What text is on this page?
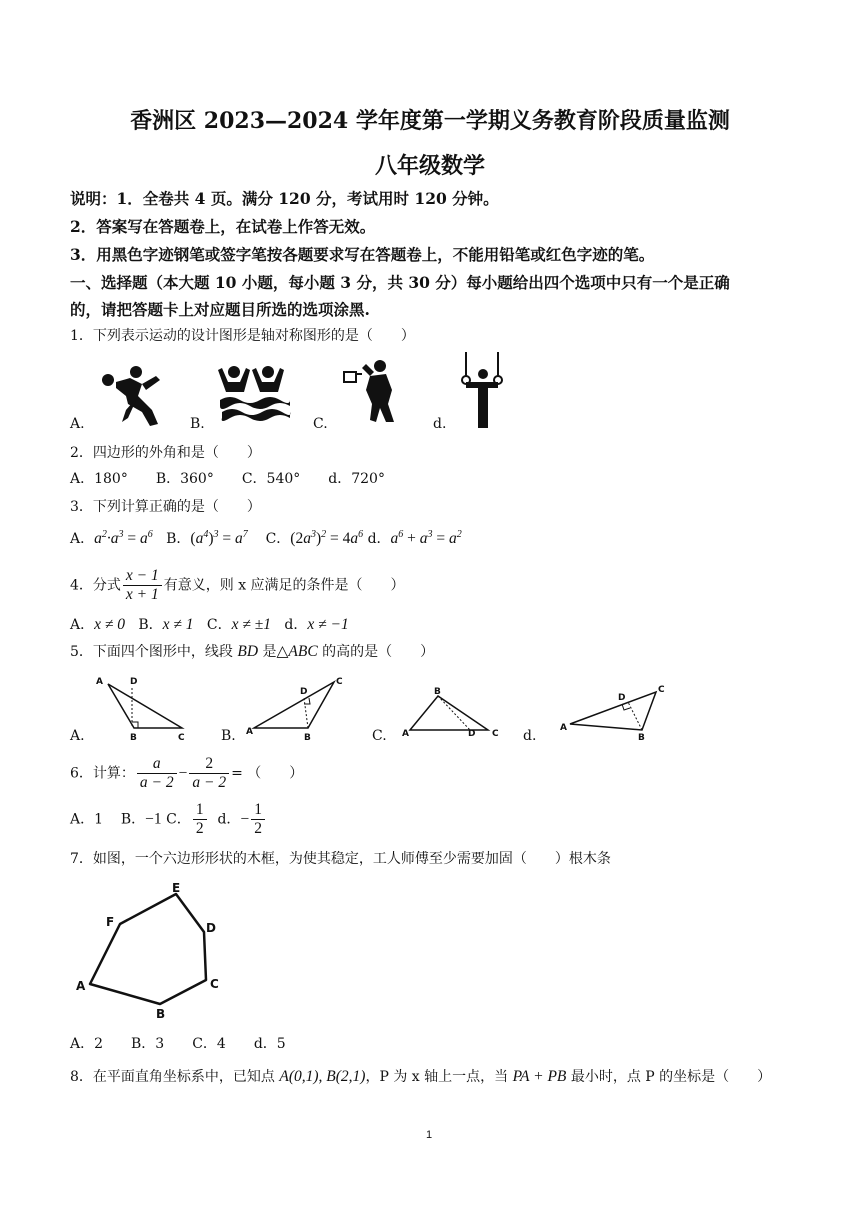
香洲区 2023—2024 学年度第一学期义务教育阶段质量监测
八年级数学
说明：1．全卷共 4 页。满分 120 分，考试用时 120 分钟。
2．答案写在答题卷上，在试卷上作答无效。
3．用黑色字迹钢笔或签字笔按各题要求写在答题卷上，不能用铅笔或红色字迹的笔。
一、选择题（本大题 10 小题，每小题 3 分，共 30 分）每小题给出四个选项中只有一个是正确
的，请把答题卡上对应题目所选的选项涂黑.
1．下列表示运动的设计图形是轴对称图形的是（　　）
A.	B.	C.	d.
2．四边形的外角和是（　　）
A．180°　　B．360°　　C．540°　　d．720°
3．下列计算正确的是（　　）
A．$a^2\cdot a^3 = a^6$ B．$(a^4)^3 = a^7$ C．$(2a^3)^2 = 4a^6$ d．$a^6 + a^3 = a^2$
4．分式 $\frac{x - 1}{x + 1}$ 有意义，则 x 应满足的条件是（　　）
A．x ≠ 0 B．x ≠ 1 C．x ≠ ±1 d．x ≠ −1
5．下面四个图形中，线段 BD 是△ABC 的高的是（　　）
A	D
B	C
A
D
B
C
A
B
D C
A
D
C
B
A.	B.	C.	d.
6．计算： $\frac{a}{a - 2} - \frac{2}{a - 2}$ = （　　）
A．1 B．−1 C． $\frac{1}{2}$ d．− $\frac{1}{2}$
7．如图，一个六边形形状的木框，为使其稳定，工人师傅至少需要加固（　　）根木条
A
B
C
D
E
F
A．2　　B．3　　C．4　　d．5
8．在平面直角坐标系中，已知点 A(0,1), B(2,1)，P 为 x 轴上一点，当 PA + PB 最小时，点 P 的坐标是（　　）
1
